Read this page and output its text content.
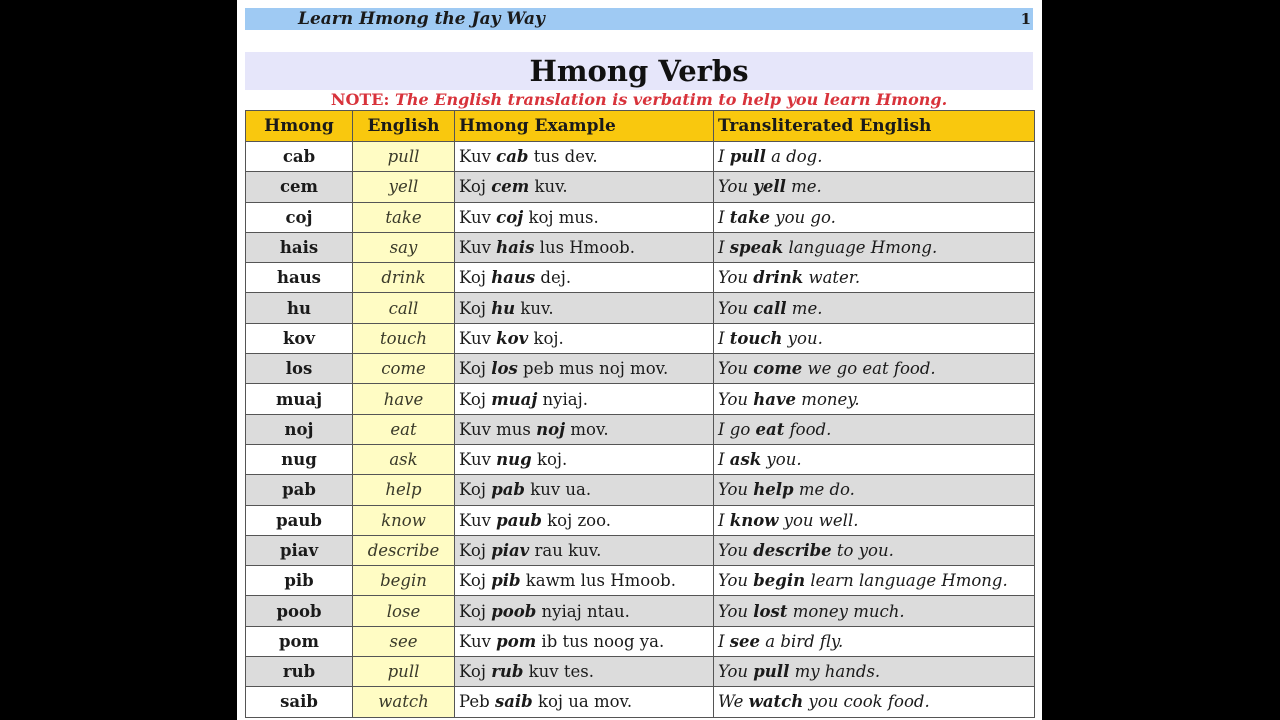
Learn Hmong the Jay Way	1
Hmong Verbs
NOTE: The English translation is verbatim to help you learn Hmong.
Hmong	English	Hmong Example	Transliterated English
cab	pull	Kuv cab tus dev.	I pull a dog.
cem	yell	Koj cem kuv.	You yell me.
coj	take	Kuv coj koj mus.	I take you go.
hais	say	Kuv hais lus Hmoob.	I speak language Hmong.
haus	drink	Koj haus dej.	You drink water.
hu	call	Koj hu kuv.	You call me.
kov	touch	Kuv kov koj.	I touch you.
los	come	Koj los peb mus noj mov.	You come we go eat food.
muaj	have	Koj muaj nyiaj.	You have money.
noj	eat	Kuv mus noj mov.	I go eat food.
nug	ask	Kuv nug koj.	I ask you.
pab	help	Koj pab kuv ua.	You help me do.
paub	know	Kuv paub koj zoo.	I know you well.
piav	describe	Koj piav rau kuv.	You describe to you.
pib	begin	Koj pib kawm lus Hmoob.	You begin learn language Hmong.
poob	lose	Koj poob nyiaj ntau.	You lost money much.
pom	see	Kuv pom ib tus noog ya.	I see a bird fly.
rub	pull	Koj rub kuv tes.	You pull my hands.
saib	watch	Peb saib koj ua mov.	We watch you cook food.
